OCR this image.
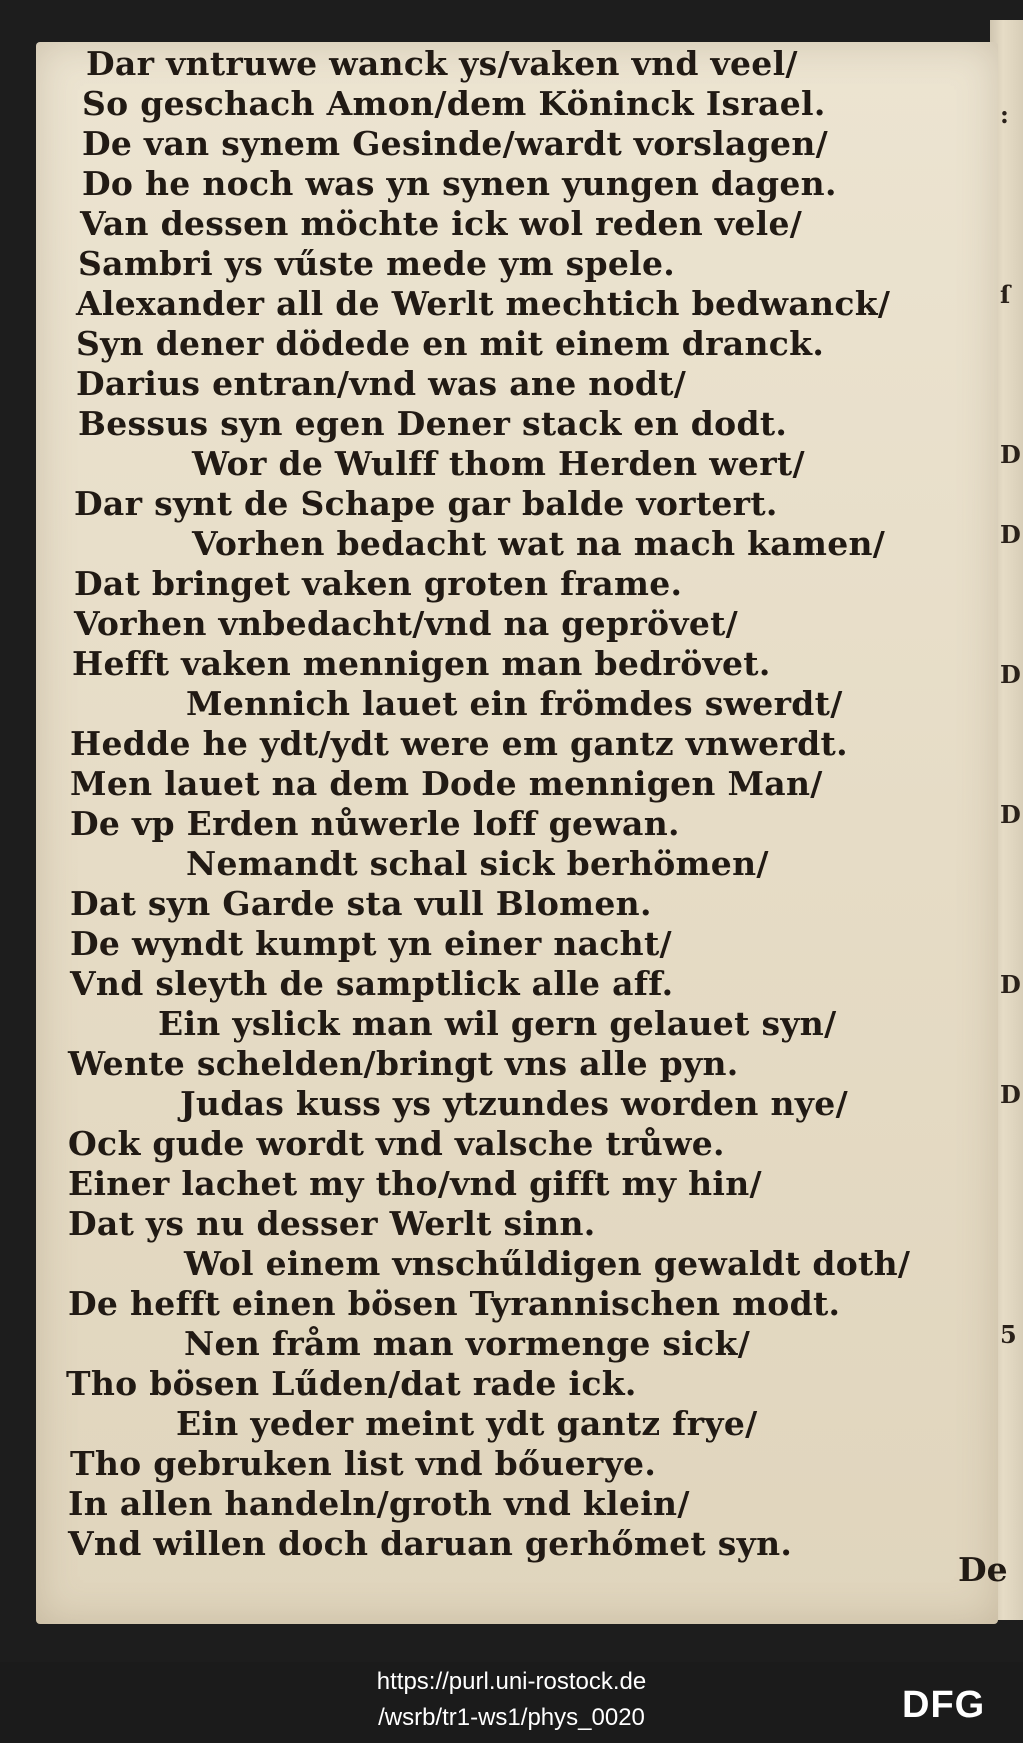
:
ſ
D
D
D
D
D
D
5
Dar vntruwe wanck ys/vaken vnd veel/
So geschach Amon/dem Köninck Israel.
De van synem Gesinde/wardt vorslagen/
Do he noch was yn synen yungen dagen.
Van dessen möchte ick wol reden vele/
Sambri ys vűste mede ym spele.
Alexander all de Werlt mechtich bedwanck/
Syn dener dödede en mit einem dranck.
Darius entran/vnd was ane nodt/
Bessus syn egen Dener stack en dodt.
Wor de Wulff thom Herden wert/
Dar synt de Schape gar balde vortert.
Vorhen bedacht wat na mach kamen/
Dat bringet vaken groten frame.
Vorhen vnbedacht/vnd na geprövet/
Hefft vaken mennigen man bedrövet.
Mennich lauet ein frömdes swerdt/
Hedde he ydt/ydt were em gantz vnwerdt.
Men lauet na dem Dode mennigen Man/
De vp Erden nůwerle loff gewan.
Nemandt schal sick berhömen/
Dat syn Garde sta vull Blomen.
De wyndt kumpt yn einer nacht/
Vnd sleyth de samptlick alle aff.
Ein yslick man wil gern gelauet syn/
Wente schelden/bringt vns alle pyn.
Judas kuss ys ytzundes worden nye/
Ock gude wordt vnd valsche trůwe.
Einer lachet my tho/vnd gifft my hin/
Dat ys nu desser Werlt sinn.
Wol einem vnschűldigen gewaldt doth/
De hefft einen bösen Tyrannischen modt.
Nen fråm man vormenge sick/
Tho bösen Lűden/dat rade ick.
Ein yeder meint ydt gantz frye/
Tho gebruken list vnd bőuerye.
In allen handeln/groth vnd klein/
Vnd willen doch daruan gerhőmet syn.
De
https://purl.uni-rostock.de
/wsrb/tr1-ws1/phys_0020	DFG
